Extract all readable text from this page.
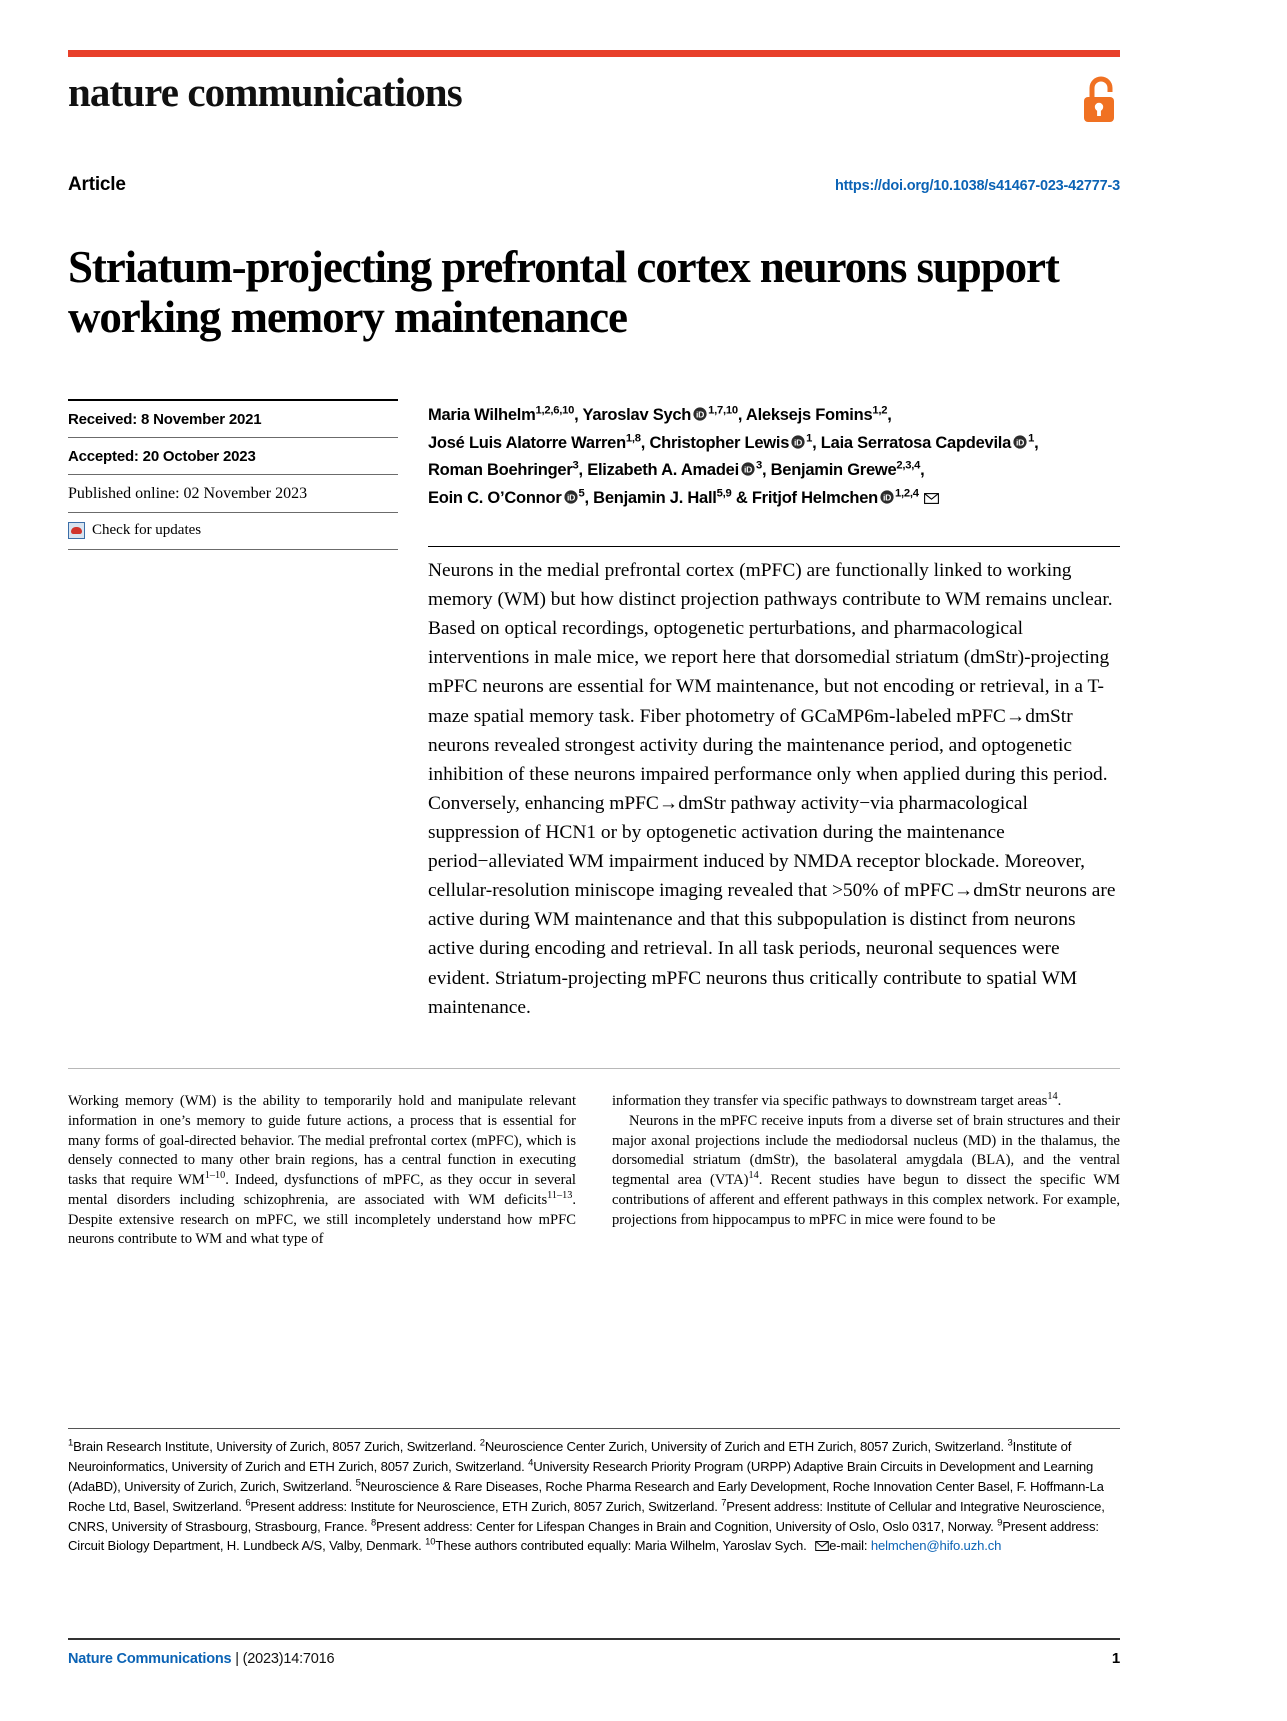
nature communications
Article	https://doi.org/10.1038/s41467-023-42777-3
Striatum-projecting prefrontal cortex neurons support working memory maintenance
Received: 8 November 2021
Accepted: 20 October 2023
Published online: 02 November 2023
Check for updates
Maria Wilhelm$^{1,2,6,10}$, Yaroslav Sych iD $^{1,7,10}$, Aleksejs Fomins$^{1,2}$,
José Luis Alatorre Warren$^{1,8}$, Christopher Lewis iD $^1$, Laia Serratosa Capdevila iD $^1$,
Roman Boehringer$^3$, Elizabeth A. Amadei iD $^3$, Benjamin Grewe$^{2,3,4}$,
Eoin C. O’Connor iD $^5$, Benjamin J. Hall$^{5,9}$ & Fritjof Helmchen iD $^{1,2,4}$
Neurons in the medial prefrontal cortex (mPFC) are functionally linked to working memory (WM) but how distinct projection pathways contribute to WM remains unclear. Based on optical recordings, optogenetic perturbations, and pharmacological interventions in male mice, we report here that dorsomedial striatum (dmStr)-projecting mPFC neurons are essential for WM maintenance, but not encoding or retrieval, in a T-maze spatial memory task. Fiber photometry of GCaMP6m-labeled mPFC→dmStr neurons revealed strongest activity during the maintenance period, and optogenetic inhibition of these neurons impaired performance only when applied during this period. Conversely, enhancing mPFC→dmStr pathway activity−via pharmacological suppression of HCN1 or by optogenetic activation during the maintenance period−alleviated WM impairment induced by NMDA receptor blockade. Moreover, cellular-resolution miniscope imaging revealed that >50% of mPFC→dmStr neurons are active during WM maintenance and that this subpopulation is distinct from neurons active during encoding and retrieval. In all task periods, neuronal sequences were evident. Striatum-projecting mPFC neurons thus critically contribute to spatial WM maintenance.

Working memory (WM) is the ability to temporarily hold and manipulate relevant information in one’s memory to guide future actions, a process that is essential for many forms of goal-directed behavior. The medial prefrontal cortex (mPFC), which is densely connected to many other brain regions, has a central function in executing tasks that require WM$^{1-10}$. Indeed, dysfunctions of mPFC, as they occur in several mental disorders including schizophrenia, are associated with WM deficits$^{11-13}$. Despite extensive research on mPFC, we still incompletely understand how mPFC neurons contribute to WM and what type of

information they transfer via specific pathways to downstream target areas$^{14}$.

Neurons in the mPFC receive inputs from a diverse set of brain structures and their major axonal projections include the mediodorsal nucleus (MD) in the thalamus, the dorsomedial striatum (dmStr), the basolateral amygdala (BLA), and the ventral tegmental area (VTA)$^{14}$. Recent studies have begun to dissect the specific WM contributions of afferent and efferent pathways in this complex network. For example, projections from hippocampus to mPFC in mice were found to be

$^1$Brain Research Institute, University of Zurich, 8057 Zurich, Switzerland. $^2$Neuroscience Center Zurich, University of Zurich and ETH Zurich, 8057 Zurich, Switzerland. $^3$Institute of Neuroinformatics, University of Zurich and ETH Zurich, 8057 Zurich, Switzerland. $^4$University Research Priority Program (URPP) Adaptive Brain Circuits in Development and Learning (AdaBD), University of Zurich, Zurich, Switzerland. $^5$Neuroscience & Rare Diseases, Roche Pharma Research and Early Development, Roche Innovation Center Basel, F. Hoffmann-La Roche Ltd, Basel, Switzerland. $^6$Present address: Institute for Neuroscience, ETH Zurich, 8057 Zurich, Switzerland. $^7$Present address: Institute of Cellular and Integrative Neuroscience, CNRS, University of Strasbourg, Strasbourg, France. $^8$Present address: Center for Lifespan Changes in Brain and Cognition, University of Oslo, Oslo 0317, Norway. $^9$Present address: Circuit Biology Department, H. Lundbeck A/S, Valby, Denmark. $^{10}$These authors contributed equally: Maria Wilhelm, Yaroslav Sych. e-mail: helmchen@hifo.uzh.ch
Nature Communications | (2023)14:7016	1
